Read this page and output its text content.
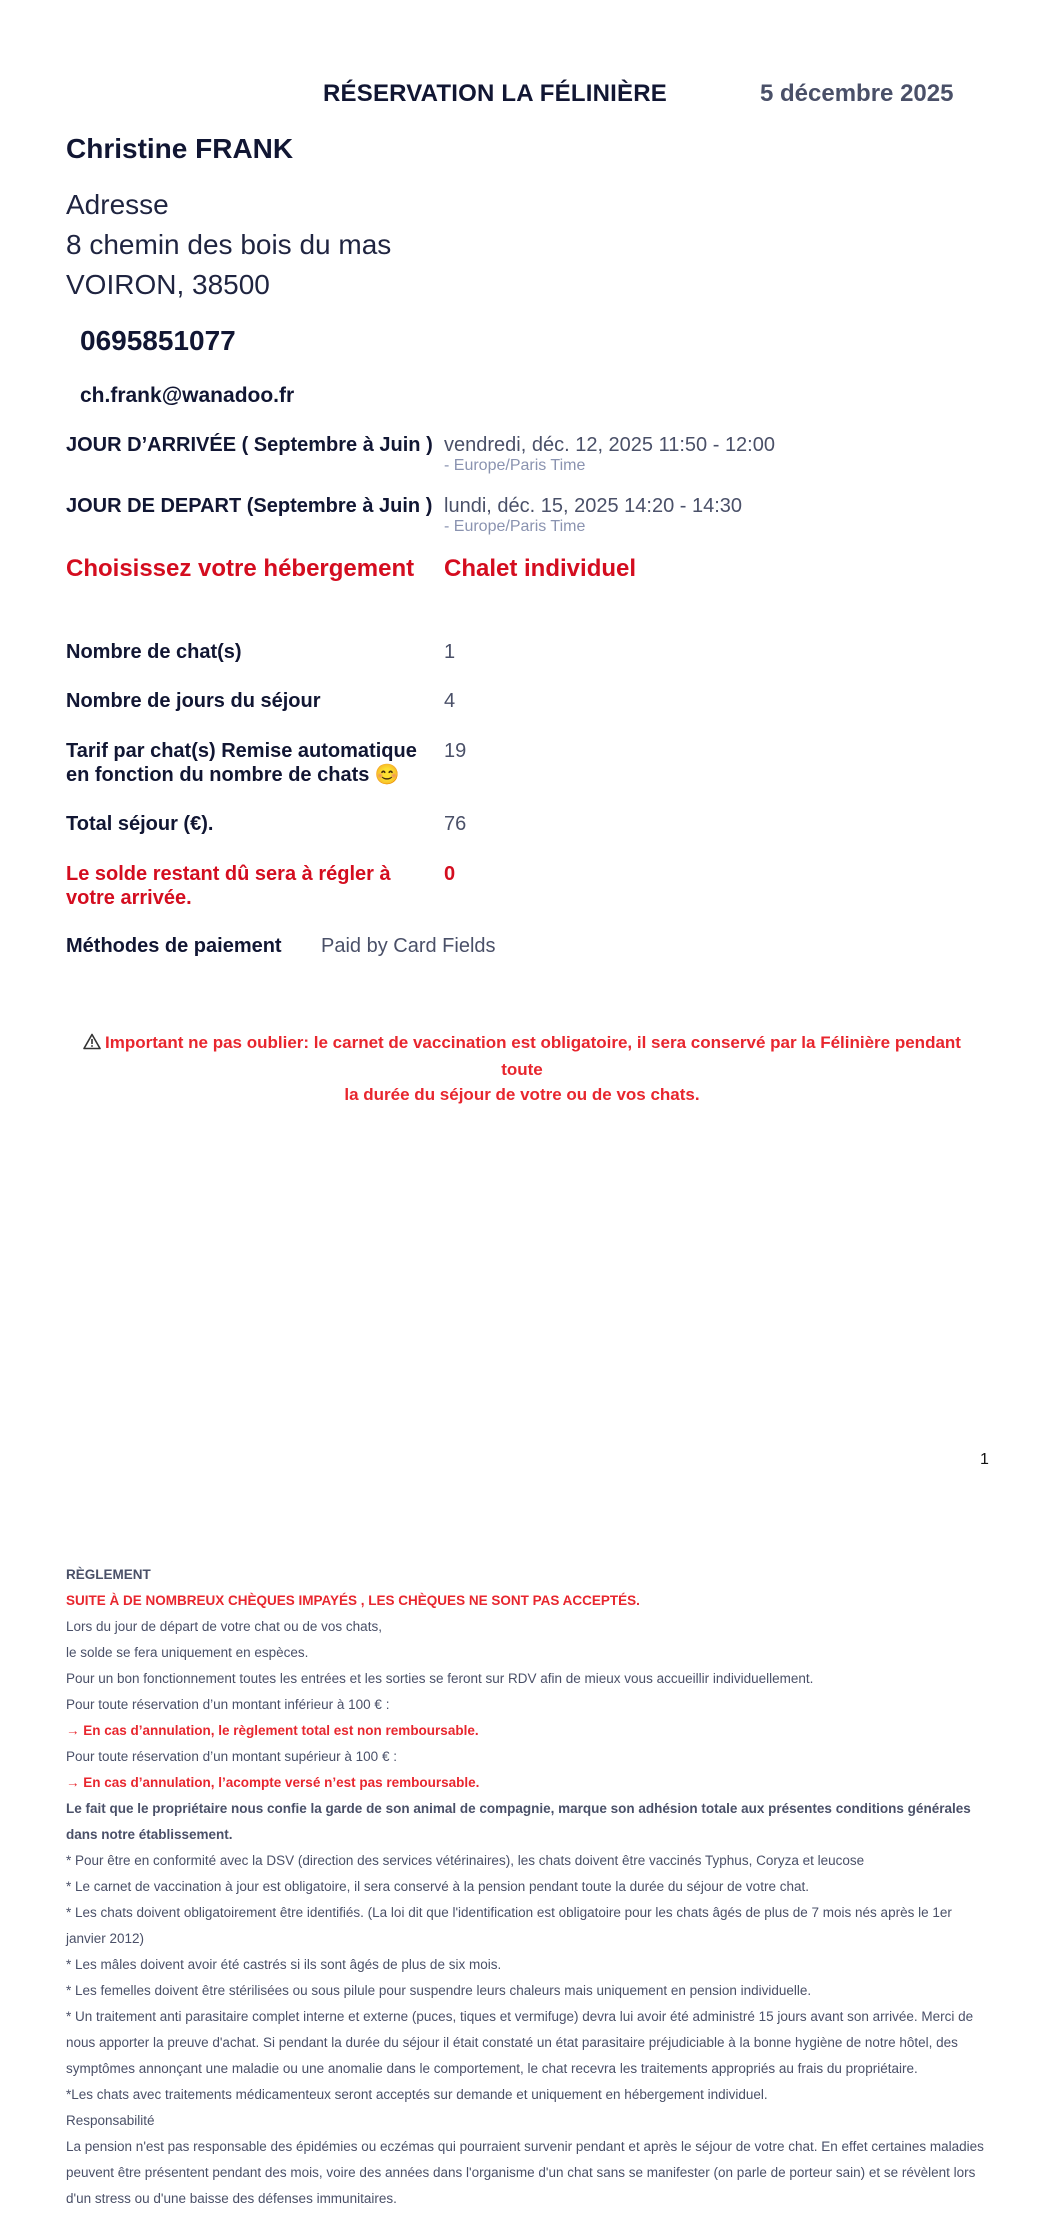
RÉSERVATION LA FÉLINIÈRE	5 décembre 2025
Christine FRANK
Adresse
8 chemin des bois du mas
VOIRON, 38500
0695851077
ch.frank@wanadoo.fr
JOUR D’ARRIVÉE ( Septembre à Juin ) vendredi, déc. 12, 2025 11:50 - 12:00
- Europe/Paris Time
JOUR DE DEPART (Septembre à Juin ) lundi, déc. 15, 2025 14:20 - 14:30
- Europe/Paris Time
Choisissez votre hébergement	Chalet individuel
Nombre de chat(s)	1
Nombre de jours du séjour	4
Tarif par chat(s) Remise automatique
en fonction du nombre de chats 😊
19
Total séjour (€).	76
Le solde restant dû sera à régler à
votre arrivée.
0
Méthodes de paiement Paid by Card Fields
Important ne pas oublier: le carnet de vaccination est obligatoire, il sera conservé par la Félinière pendant toute
la durée du séjour de votre ou de vos chats.
1

RÈGLEMENT

SUITE À DE NOMBREUX CHÈQUES IMPAYÉS , LES CHÈQUES NE SONT PAS ACCEPTÉS.

Lors du jour de départ de votre chat ou de vos chats,

le solde se fera uniquement en espèces.

Pour un bon fonctionnement toutes les entrées et les sorties se feront sur RDV afin de mieux vous accueillir individuellement.

Pour toute réservation d’un montant inférieur à 100 € :

→ En cas d’annulation, le règlement total est non remboursable.

Pour toute réservation d’un montant supérieur à 100 € :

→ En cas d’annulation, l’acompte versé n’est pas remboursable.

Le fait que le propriétaire nous confie la garde de son animal de compagnie, marque son adhésion totale aux présentes conditions générales dans notre établissement.

* Pour être en conformité avec la DSV (direction des services vétérinaires), les chats doivent être vaccinés Typhus, Coryza et leucose

* Le carnet de vaccination à jour est obligatoire, il sera conservé à la pension pendant toute la durée du séjour de votre chat.

* Les chats doivent obligatoirement être identifiés. (La loi dit que l'identification est obligatoire pour les chats âgés de plus de 7 mois nés après le 1er janvier 2012)

* Les mâles doivent avoir été castrés si ils sont âgés de plus de six mois.

* Les femelles doivent être stérilisées ou sous pilule pour suspendre leurs chaleurs mais uniquement en pension individuelle.

* Un traitement anti parasitaire complet interne et externe (puces, tiques et vermifuge) devra lui avoir été administré 15 jours avant son arrivée. Merci de nous apporter la preuve d'achat. Si pendant la durée du séjour il était constaté un état parasitaire préjudiciable à la bonne hygiène de notre hôtel, des symptômes annonçant une maladie ou une anomalie dans le comportement, le chat recevra les traitements appropriés au frais du propriétaire.

*Les chats avec traitements médicamenteux seront acceptés sur demande et uniquement en hébergement individuel.

Responsabilité

La pension n'est pas responsable des épidémies ou eczémas qui pourraient survenir pendant et après le séjour de votre chat. En effet certaines maladies peuvent être présentent pendant des mois, voire des années dans l'organisme d'un chat sans se manifester (on parle de porteur sain) et se révèlent lors d'un stress ou d'une baisse des défenses immunitaires.
